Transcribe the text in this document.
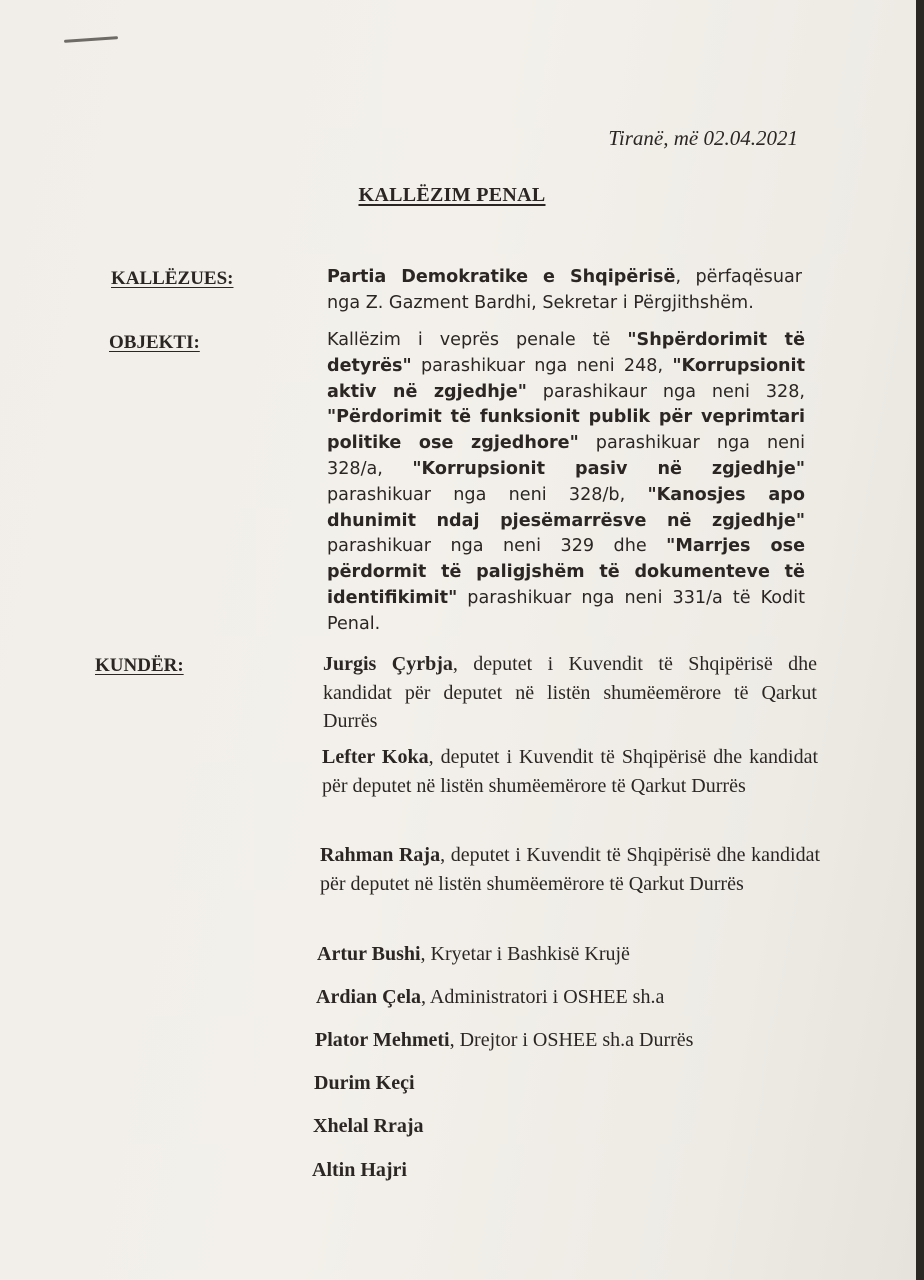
Tiranë, më 02.04.2021
KALLËZIM PENAL
KALLËZUES:	Partia Demokratike e Shqipërisë, përfaqësuar nga Z. Gazment Bardhi, Sekretar i Përgjithshëm.
OBJEKTI:	Kallëzim i veprës penale të "Shpërdorimit të detyrës" parashikuar nga neni 248, "Korrupsionit aktiv në zgjedhje" parashikaur nga neni 328, "Përdorimit të funksionit publik për veprimtari politike ose zgjedhore" parashikuar nga neni 328/a, "Korrupsionit pasiv në zgjedhje" parashikuar nga neni 328/b, "Kanosjes apo dhunimit ndaj pjesëmarrësve në zgjedhje" parashikuar nga neni 329 dhe "Marrjes ose përdormit të paligjshëm të dokumenteve të identifikimit" parashikuar nga neni 331/a të Kodit Penal.
KUNDËR:	Jurgis Çyrbja, deputet i Kuvendit të Shqipërisë dhe kandidat për deputet në listën shumëemërore të Qarkut Durrës
Lefter Koka, deputet i Kuvendit të Shqipërisë dhe kandidat për deputet në listën shumëemërore të Qarkut Durrës
Rahman Raja, deputet i Kuvendit të Shqipërisë dhe kandidat për deputet në listën shumëemërore të Qarkut Durrës
Artur Bushi, Kryetar i Bashkisë Krujë
Ardian Çela, Administratori i OSHEE sh.a
Plator Mehmeti, Drejtor i OSHEE sh.a Durrës
Durim Keçi
Xhelal Rraja
Altin Hajri
